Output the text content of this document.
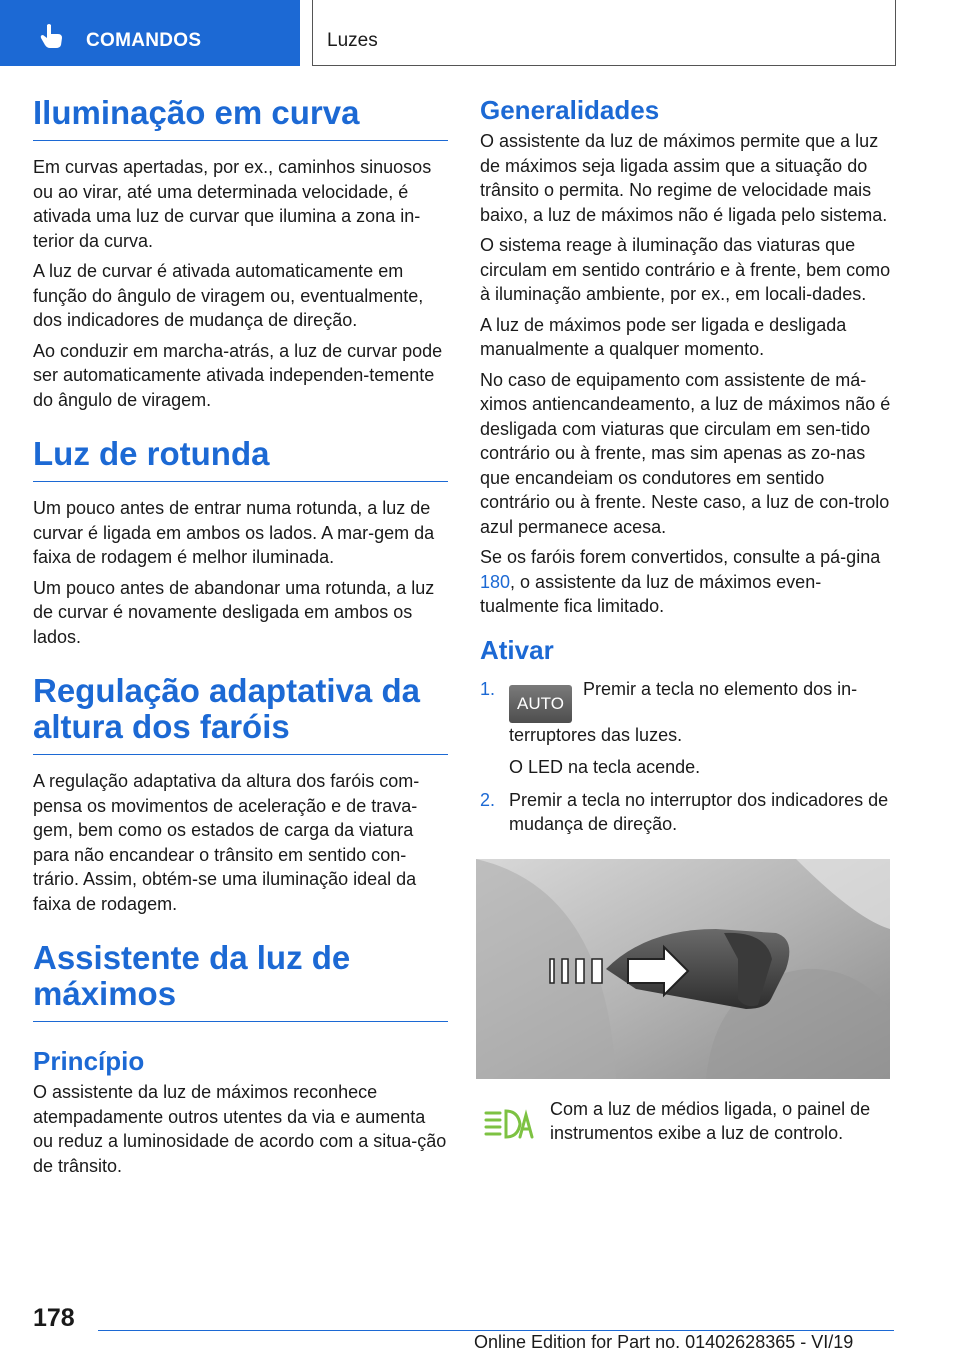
COMANDOS	Luzes
Iluminação em curva

Em curvas apertadas, por ex., caminhos sinuosos ou ao virar, até uma determinada velocidade, é ativada uma luz de curvar que ilumina a zona in-terior da curva.

A luz de curvar é ativada automaticamente em função do ângulo de viragem ou, eventualmente, dos indicadores de mudança de direção.

Ao conduzir em marcha-atrás, a luz de curvar pode ser automaticamente ativada independen-temente do ângulo de viragem.

Luz de rotunda

Um pouco antes de entrar numa rotunda, a luz de curvar é ligada em ambos os lados. A mar-gem da faixa de rodagem é melhor iluminada.

Um pouco antes de abandonar uma rotunda, a luz de curvar é novamente desligada em ambos os lados.

Regulação adaptativa da altura dos faróis

A regulação adaptativa da altura dos faróis com-pensa os movimentos de aceleração e de trava-gem, bem como os estados de carga da viatura para não encandear o trânsito em sentido con-trário. Assim, obtém-se uma iluminação ideal da faixa de rodagem.

Assistente da luz de máximos
Princípio

O assistente da luz de máximos reconhece atempadamente outros utentes da via e aumenta ou reduz a luminosidade de acordo com a situa-ção de trânsito.

Generalidades

O assistente da luz de máximos permite que a luz de máximos seja ligada assim que a situação do trânsito o permita. No regime de velocidade mais baixo, a luz de máximos não é ligada pelo sistema.

O sistema reage à iluminação das viaturas que circulam em sentido contrário e à frente, bem como à iluminação ambiente, por ex., em locali-dades.

A luz de máximos pode ser ligada e desligada manualmente a qualquer momento.

No caso de equipamento com assistente de má-ximos antiencandeamento, a luz de máximos não é desligada com viaturas que circulam em sen-tido contrário ou à frente, mas sim apenas as zo-nas que encandeiam os condutores em sentido contrário ou à frente. Neste caso, a luz de con-trolo azul permanece acesa.

Se os faróis forem convertidos, consulte a pá-gina 180, o assistente da luz de máximos even-tualmente fica limitado.

Ativar
1.
AUTO Premir a tecla no elemento dos in-terruptores das luzes.
O LED na tecla acende.
2. Premir a tecla no interruptor dos indicadores de mudança de direção.

Com a luz de médios ligada, o painel de instrumentos exibe a luz de controlo.

178
Online Edition for Part no. 01402628365 - VI/19
